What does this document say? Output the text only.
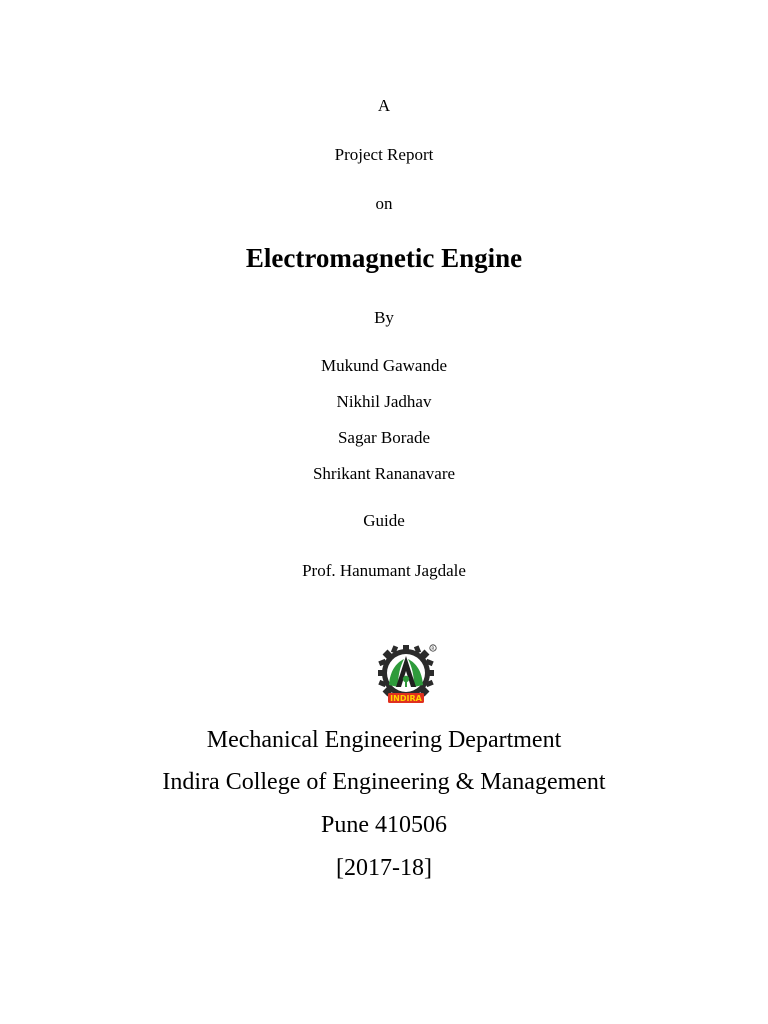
A
Project Report
on
Electromagnetic Engine
By
Mukund Gawande
Nikhil Jadhav
Sagar Borade
Shrikant Rananavare
Guide
Prof. Hanumant Jagdale
INDIRA
R
Mechanical Engineering Department
Indira College of Engineering & Management
Pune 410506
[2017-18]
